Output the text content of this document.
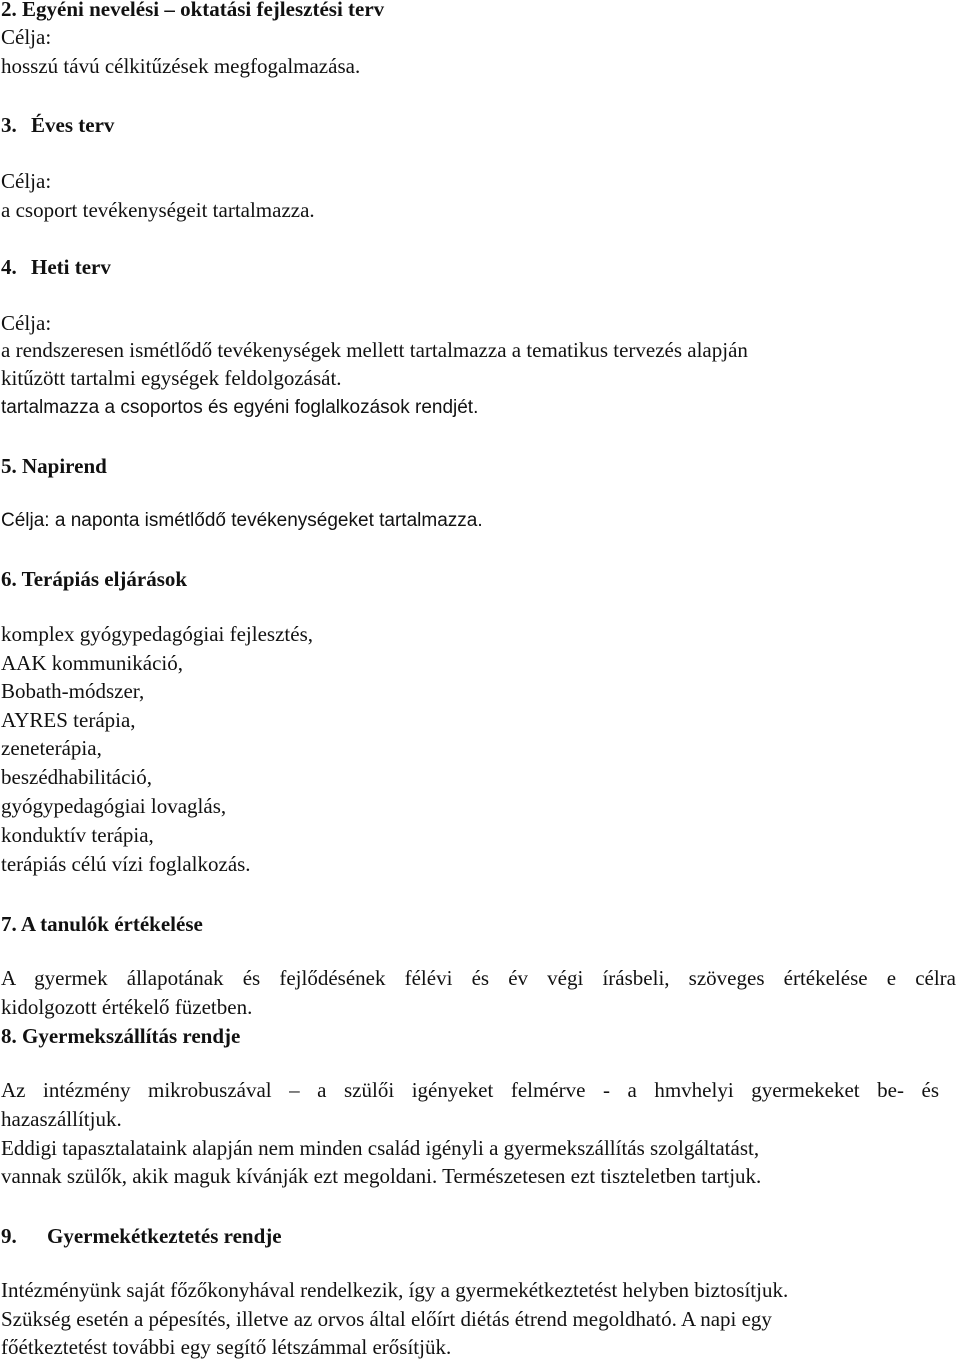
2. Egyéni nevelési – oktatási fejlesztési terv
Célja:
hosszú távú célkitűzések megfogalmazása.
3. Éves terv
Célja:
a csoport tevékenységeit tartalmazza.
4. Heti terv
Célja:
a rendszeresen ismétlődő tevékenységek mellett tartalmazza a tematikus tervezés alapján
kitűzött tartalmi egységek feldolgozását.
tartalmazza a csoportos és egyéni foglalkozások rendjét.
5. Napirend
Célja: a naponta ismétlődő tevékenységeket tartalmazza.
6. Terápiás eljárások
komplex gyógypedagógiai fejlesztés,
AAK kommunikáció,
Bobath-módszer,
AYRES terápia,
zeneterápia,
beszédhabilitáció,
gyógypedagógiai lovaglás,
konduktív terápia,
terápiás célú vízi foglalkozás.
7. A tanulók értékelése
A gyermek állapotának és fejlődésének félévi és év végi írásbeli, szöveges értékelése e célra
kidolgozott értékelő füzetben.
8. Gyermekszállítás rendje
Az intézmény mikrobuszával – a szülői igényeket felmérve - a hmvhelyi gyermekeket be- és
hazaszállítjuk.
Eddigi tapasztalataink alapján nem minden család igényli a gyermekszállítás szolgáltatást,
vannak szülők, akik maguk kívánják ezt megoldani. Természetesen ezt tiszteletben tartjuk.
9. Gyermekétkeztetés rendje
Intézményünk saját főzőkonyhával rendelkezik, így a gyermekétkeztetést helyben biztosítjuk.
Szükség esetén a pépesítés, illetve az orvos által előírt diétás étrend megoldható. A napi egy
főétkeztetést további egy segítő létszámmal erősítjük.
